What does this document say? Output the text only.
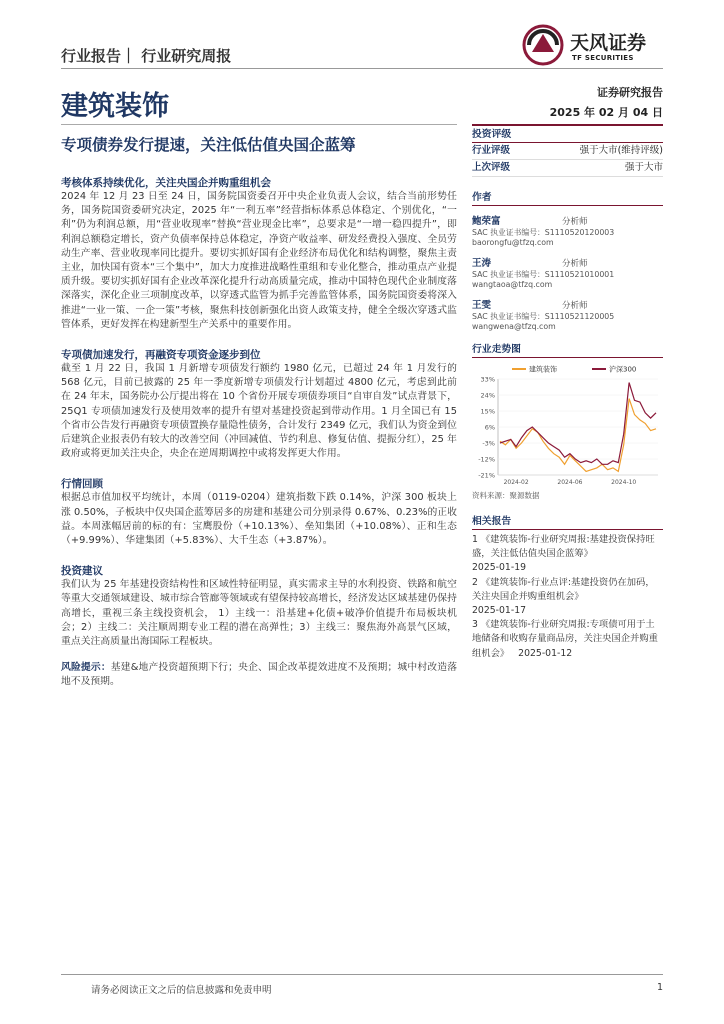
行业报告｜ 行业研究周报
天风证券
TF SECURITIES
建筑装饰	证券研究报告
2025 年 02 月 04 日
专项债券发行提速，关注低估值央国企蓝筹

考核体系持续优化，关注央国企并购重组机会

2024 年 12 月 23 日至 24 日，国务院国资委召开中央企业负责人会议，结合当前形势任务，国务院国资委研究决定，2025 年“一利五率”经营指标体系总体稳定、个别优化，“一利”仍为利润总额，用“营业收现率”替换“营业现金比率”，总要求是“一增一稳四提升”，即利润总额稳定增长，资产负债率保持总体稳定，净资产收益率、研发经费投入强度、全员劳动生产率、营业收现率同比提升。要切实抓好国有企业经济布局优化和结构调整，聚焦主责主业，加快国有资本“三个集中”，加大力度推进战略性重组和专业化整合，推动重点产业提质升级。要切实抓好国有企业改革深化提升行动高质量完成，推动中国特色现代企业制度落深落实，深化企业三项制度改革，以穿透式监管为抓手完善监管体系，国务院国资委将深入推进“一业一策、一企一策”考核，聚焦科技创新强化出资人政策支持，健全全级次穿透式监管体系，更好发挥在构建新型生产关系中的重要作用。

专项债加速发行，再融资专项资金逐步到位

截至 1 月 22 日，我国 1 月新增专项债发行额约 1980 亿元，已超过 24 年 1 月发行的 568 亿元，目前已披露的 25 年一季度新增专项债发行计划超过 4800 亿元，考虑到此前在 24 年末，国务院办公厅提出将在 10 个省份开展专项债券项目“自审自发”试点背景下，25Q1 专项债加速发行及使用效率的提升有望对基建投资起到带动作用。1 月全国已有 15 个省市公告发行再融资专项债置换存量隐性债务，合计发行 2349 亿元，我们认为资金到位后建筑企业报表仍有较大的改善空间（冲回减值、节约利息、修复估值、提振分红），25 年政府或将更加关注央企，央企在逆周期调控中或将发挥更大作用。

行情回顾

根据总市值加权平均统计，本周（0119-0204）建筑指数下跌 0.14%，沪深 300 板块上涨 0.50%，子板块中仅央国企蓝筹居多的房建和基建公司分别录得 0.67%、0.23%的正收益。本周涨幅居前的标的有：宝鹰股份（+10.13%）、垒知集团（+10.08%）、正和生态（+9.99%）、华建集团（+5.83%）、大千生态（+3.87%）。

投资建议

我们认为 25 年基建投资结构性和区域性特征明显，真实需求主导的水利投资、铁路和航空等重大交通领域建设、城市综合管廊等领域或有望保持较高增长，经济发达区域基建仍保持高增长，重视三条主线投资机会， 1）主线一：沿基建+化债+破净价值提升布局板块机会；2）主线二：关注顺周期专业工程的潜在高弹性；3）主线三：聚焦海外高景气区域，重点关注高质量出海国际工程板块。

风险提示：基建&地产投资超预期下行；央企、国企改革提效进度不及预期；城中村改造落地不及预期。

投资评级
行业评级	强于大市(维持评级)
上次评级	强于大市
作者
鲍荣富	分析师
SAC 执业证书编号：S1110520120003
baorongfu@tfzq.com
王涛	分析师
SAC 执业证书编号：S1110521010001
wangtaoa@tfzq.com
王雯	分析师
SAC 执业证书编号：S1110521120005
wangwena@tfzq.com
行业走势图
建筑装饰	沪深300
33%
24%
15%
6%
-3%
-12%
-21%
2024-02	2024-06	2024-10
资料来源：聚源数据
相关报告
1 《建筑装饰-行业研究周报:基建投资保持旺盛，关注低估值央国企蓝筹》
2025-01-19
2 《建筑装饰-行业点评:基建投资仍在加码，关注央国企并购重组机会》
2025-01-17
3 《建筑装饰-行业研究周报:专项债可用于土地储备和收购存量商品房，关注央国企并购重组机会》 2025-01-12
请务必阅读正文之后的信息披露和免责申明	1
